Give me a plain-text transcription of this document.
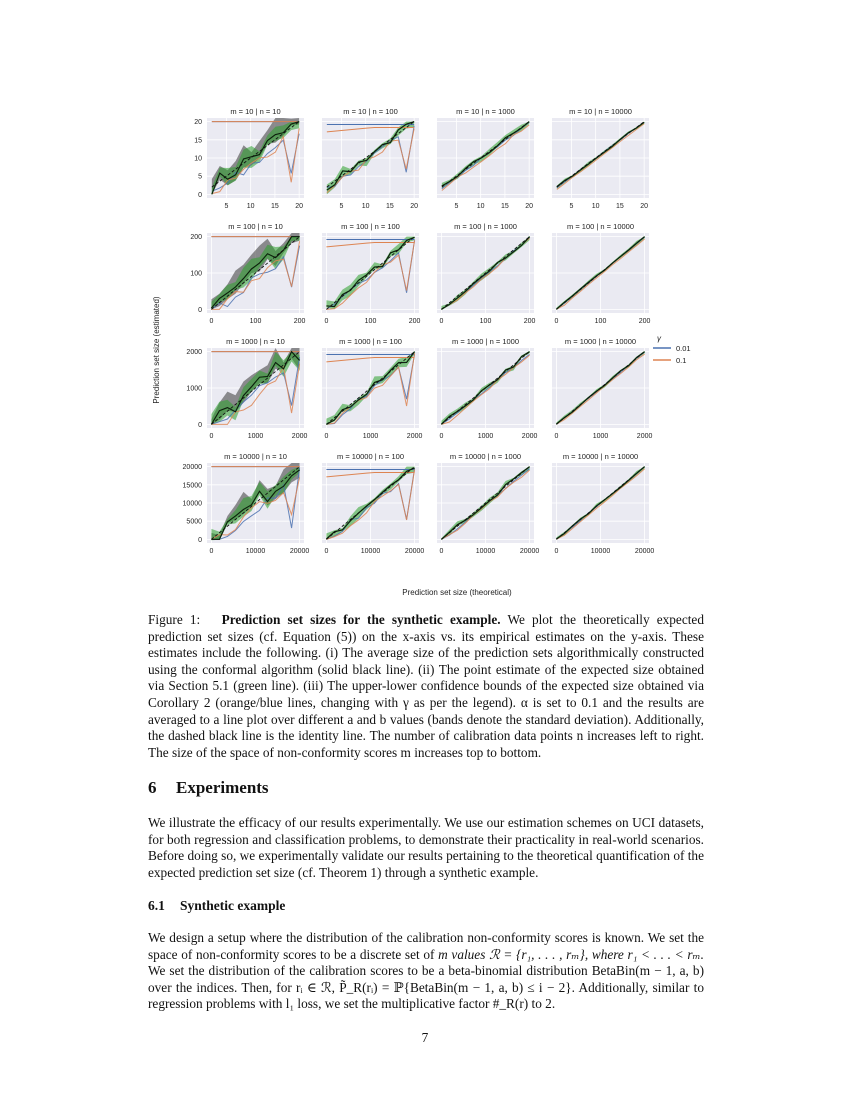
m = 10 | n = 10
5	10 15 20
0
5
10
15
20
m = 10 | n = 100
5	10 15 20
m = 10 | n = 1000
5	10 15 20
m = 10 | n = 10000
5	10 15 20
m = 100 | n = 10
0	100	200
0
100
200
m = 100 | n = 100
0	100	200
m = 100 | n = 1000
0	100	200
m = 100 | n = 10000
0	100	200
m = 1000 | n = 10
0	1000	2000
0
1000
2000
m = 1000 | n = 100
0	1000	2000
m = 1000 | n = 1000
0	1000	2000
m = 1000 | n = 10000
0	1000	2000
m = 10000 | n = 10
0	10000	20000
0
5000
10000
15000
20000
m = 10000 | n = 100
0	10000	20000
m = 10000 | n = 1000
0	10000	20000
m = 10000 | n = 10000
0	10000	20000
Prediction set size (estimated)
Prediction set size (theoretical)
γ
0.01
0.1
Figure 1: Prediction set sizes for the synthetic example. We plot the theoretically expected prediction set sizes (cf. Equation (5)) on the x-axis vs. its empirical estimates on the y-axis. These estimates include the following. (i) The average size of the prediction sets algorithmically constructed using the conformal algorithm (solid black line). (ii) The point estimate of the expected size obtained via Section 5.1 (green line). (iii) The upper-lower confidence bounds of the expected size obtained via Corollary 2 (orange/blue lines, changing with γ as per the legend). α is set to 0.1 and the results are averaged to a line plot over different a and b values (bands denote the standard deviation). Additionally, the dashed black line is the identity line. The number of calibration data points n increases left to right. The size of the space of non-conformity scores m increases top to bottom.
6 Experiments

We illustrate the efficacy of our results experimentally. We use our estimation schemes on UCI datasets, for both regression and classification problems, to demonstrate their practicality in real-world scenarios. Before doing so, we experimentally validate our results pertaining to the theoretical quantification of the expected prediction set size (cf. Theorem 1) through a synthetic example.

6.1 Synthetic example

We design a setup where the distribution of the calibration non-conformity scores is known. We set the space of non-conformity scores to be a discrete set of m values ℛ = {r₁, . . . , rₘ}, where r₁ < . . . < rₘ. We set the distribution of the calibration scores to be a beta-binomial distribution BetaBin(m − 1, a, b) over the indices. Then, for rᵢ ∈ ℛ, P̃_R(rᵢ) = ℙ{BetaBin(m − 1, a, b) ≤ i − 2}. Additionally, similar to regression problems with l₁ loss, we set the multiplicative factor #_R(r) to 2.

7
